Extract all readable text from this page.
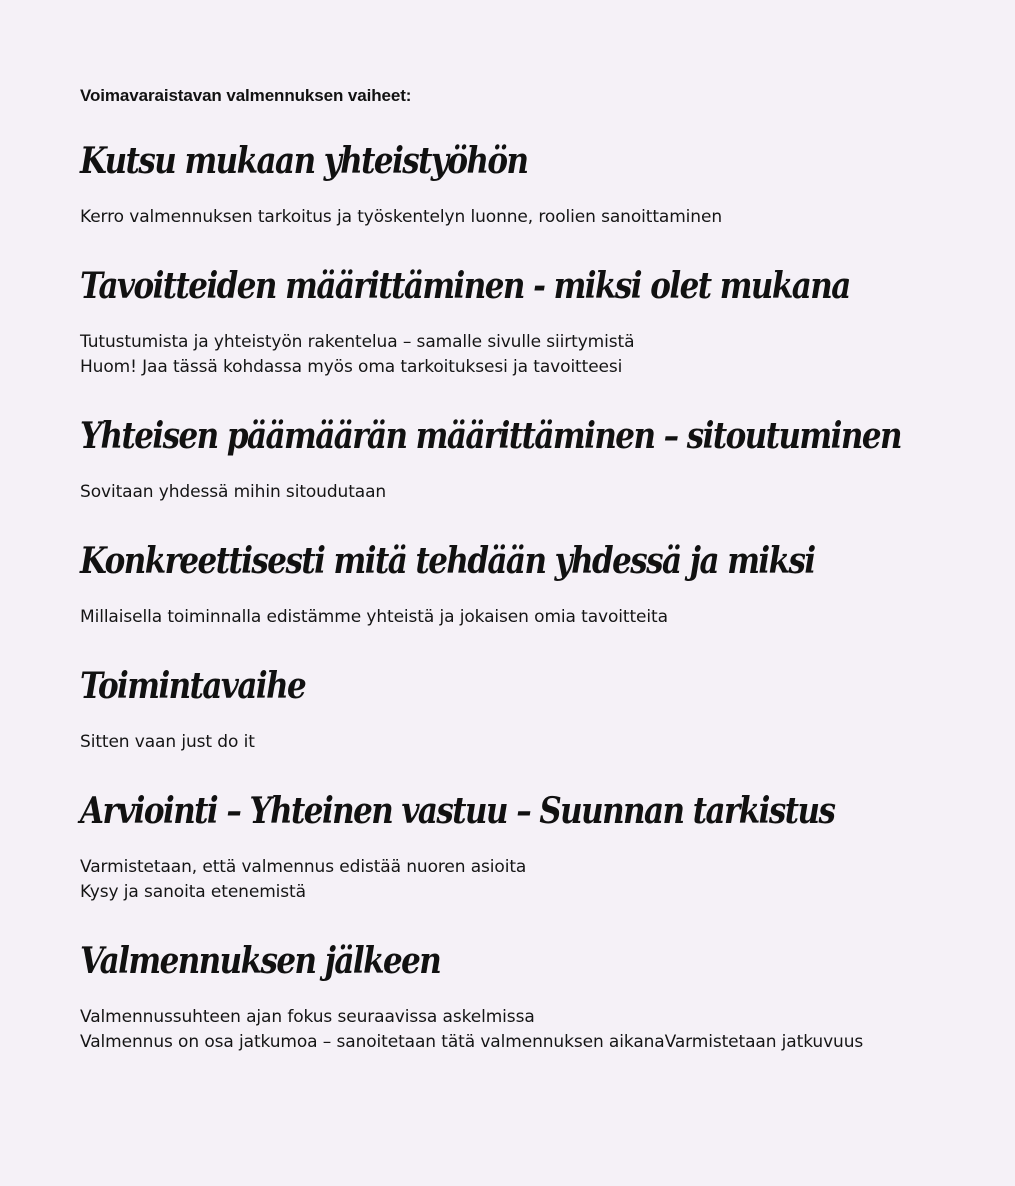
Voimavaraistavan valmennuksen vaiheet:
Kutsu mukaan yhteistyöhön
Kerro valmennuksen tarkoitus ja työskentelyn luonne, roolien sanoittaminen
Tavoitteiden määrittäminen - miksi olet mukana
Tutustumista ja yhteistyön rakentelua – samalle sivulle siirtymistä
Huom! Jaa tässä kohdassa myös oma tarkoituksesi ja tavoitteesi
Yhteisen päämäärän määrittäminen – sitoutuminen
Sovitaan yhdessä mihin sitoudutaan
Konkreettisesti mitä tehdään yhdessä ja miksi
Millaisella toiminnalla edistämme yhteistä ja jokaisen omia tavoitteita
Toimintavaihe
Sitten vaan just do it
Arviointi – Yhteinen vastuu – Suunnan tarkistus
Varmistetaan, että valmennus edistää nuoren asioita
Kysy ja sanoita etenemistä
Valmennuksen jälkeen
Valmennussuhteen ajan fokus seuraavissa askelmissa
Valmennus on osa jatkumoa – sanoitetaan tätä valmennuksen aikanaVarmistetaan jatkuvuus
